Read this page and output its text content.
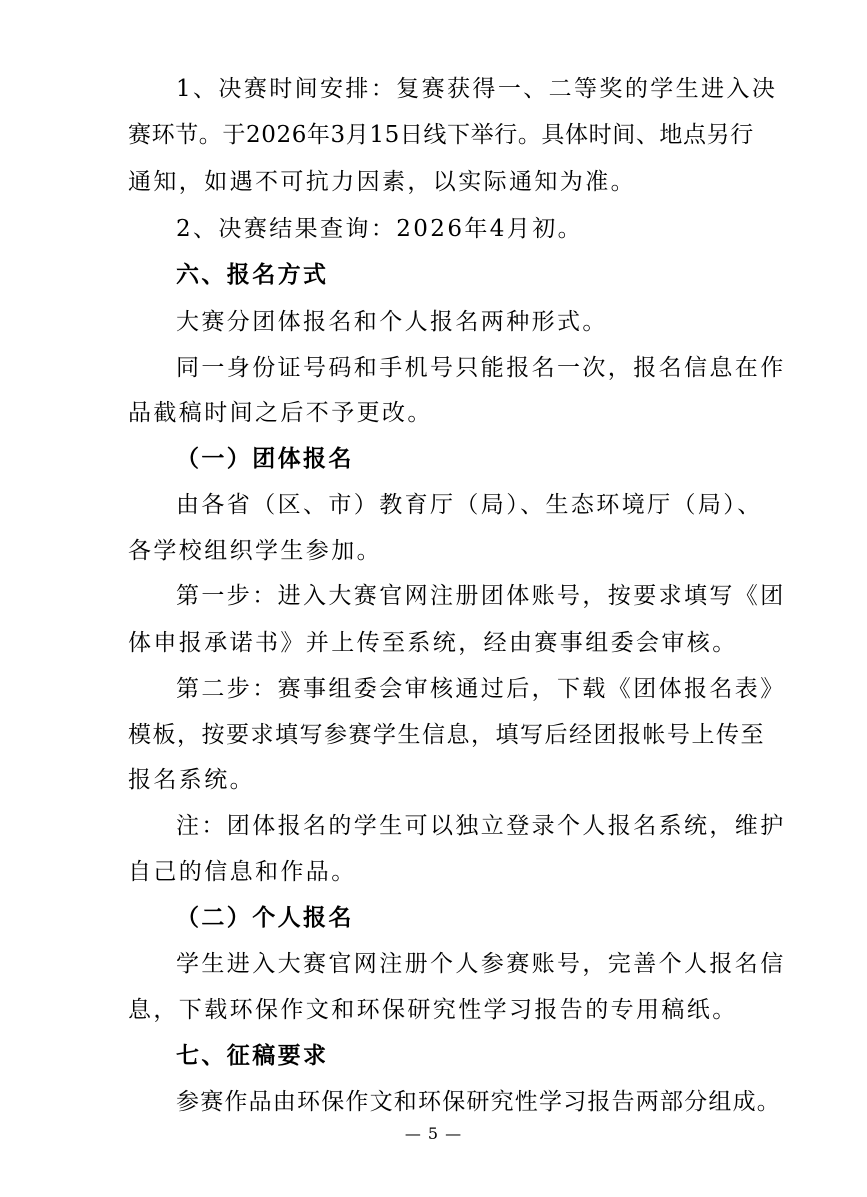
1、决赛时间安排：复赛获得一、二等奖的学生进入决
赛环节。于2026年3月15日线下举行。具体时间、地点另行
通知，如遇不可抗力因素，以实际通知为准。
2、决赛结果查询：2026年4月初。
六、报名方式
大赛分团体报名和个人报名两种形式。
同一身份证号码和手机号只能报名一次，报名信息在作
品截稿时间之后不予更改。
（一）团体报名
由各省（区、市）教育厅（局）、生态环境厅（局）、
各学校组织学生参加。
第一步：进入大赛官网注册团体账号，按要求填写《团
体申报承诺书》并上传至系统，经由赛事组委会审核。
第二步：赛事组委会审核通过后，下载《团体报名表》
模板，按要求填写参赛学生信息，填写后经团报帐号上传至
报名系统。
注：团体报名的学生可以独立登录个人报名系统，维护
自己的信息和作品。
（二）个人报名
学生进入大赛官网注册个人参赛账号，完善个人报名信
息，下载环保作文和环保研究性学习报告的专用稿纸。
七、征稿要求
参赛作品由环保作文和环保研究性学习报告两部分组成。
— 5 —
